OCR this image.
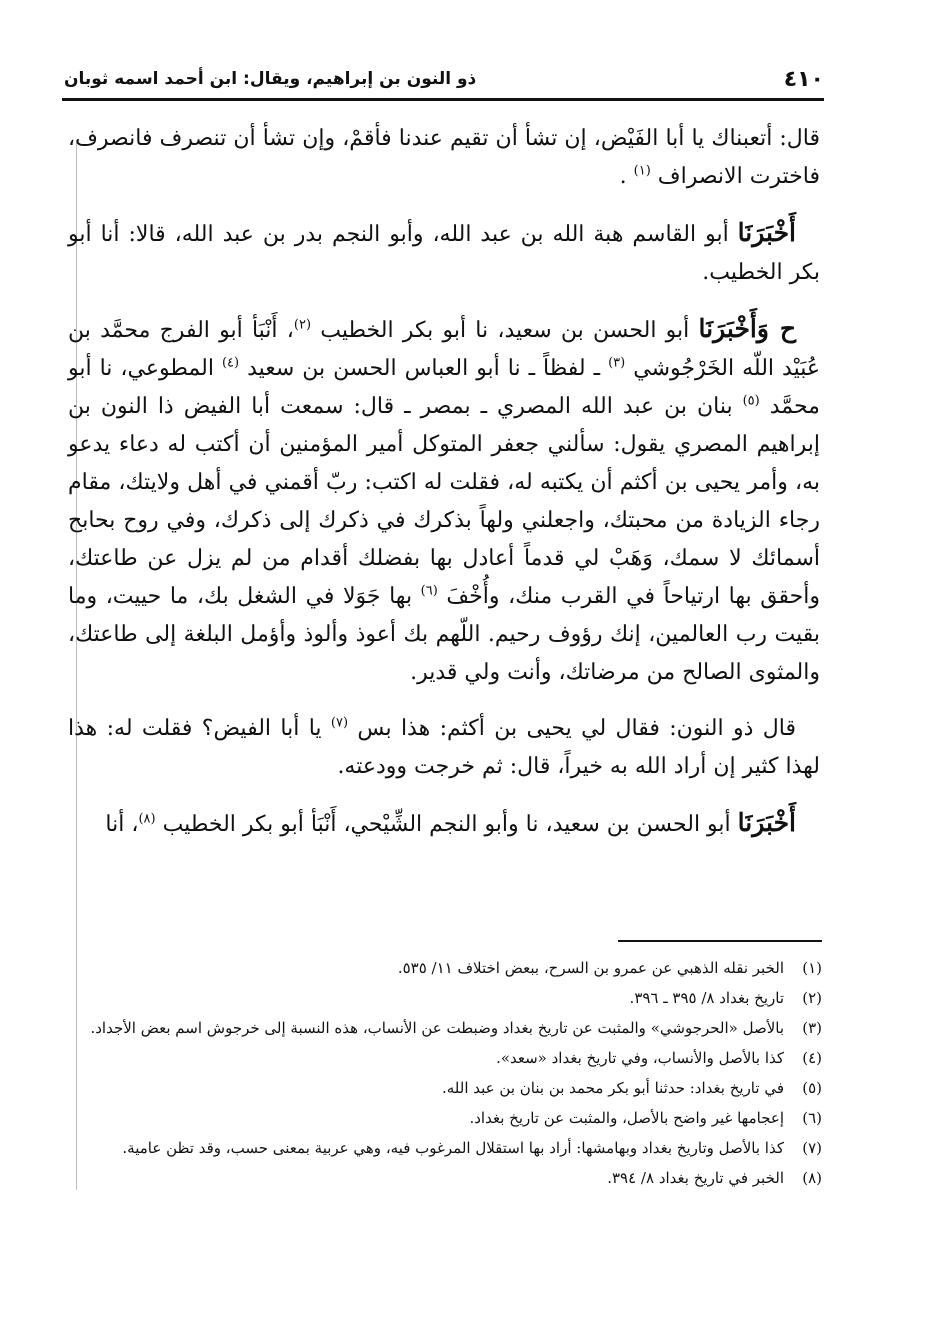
٤١٠
ذو النون بن إبراهيم، ويقال: ابن أحمد اسمه ثوبان

قال: أتعبناك يا أبا الفَيْض، إن تشأ أن تقيم عندنا فأقمْ، وإن تشأ أن تنصرف فانصرف، فاخترت الانصراف $^{(١)}$ .

أَخْبَرَنَا أبو القاسم هبة الله بن عبد الله، وأبو النجم بدر بن عبد الله، قالا: أنا أبو بكر الخطيب.

ح وَأَخْبَرَنَا أبو الحسن بن سعيد، نا أبو بكر الخطيب $^{(٢)}$، أَنْبَأ أبو الفرج محمَّد بن عُبَيْد اللّه الخَرْجُوشي $^{(٣)}$ ـ لفظاً ـ نا أبو العباس الحسن بن سعيد $^{(٤)}$ المطوعي، نا أبو محمَّد $^{(٥)}$ بنان بن عبد الله المصري ـ بمصر ـ قال: سمعت أبا الفيض ذا النون بن إبراهيم المصري يقول: سألني جعفر المتوكل أمير المؤمنين أن أكتب له دعاء يدعو به، وأمر يحيى بن أكثم أن يكتبه له، فقلت له اكتب: ربّ أقمني في أهل ولايتك، مقام رجاء الزيادة من محبتك، واجعلني ولهاً بذكرك في ذكرك إلى ذكرك، وفي روح بحابح أسمائك لا سمك، وَهَبْ لي قدماً أعادل بها بفضلك أقدام من لم يزل عن طاعتك، وأحقق بها ارتياحاً في القرب منك، وأُخْفَ $^{(٦)}$ بها جَوَلا في الشغل بك، ما حييت، وما بقيت رب العالمين، إنك رؤوف رحيم. اللّهم بك أعوذ وألوذ وأؤمل البلغة إلى طاعتك، والمثوى الصالح من مرضاتك، وأنت ولي قدير.

قال ذو النون: فقال لي يحيى بن أكثم: هذا بس $^{(٧)}$ يا أبا الفيض؟ فقلت له: هذا لهذا كثير إن أراد الله به خيراً، قال: ثم خرجت وودعته.

أَخْبَرَنَا أبو الحسن بن سعيد، نا وأبو النجم الشِّيْحي، أَنْبَأ أبو بكر الخطيب $^{(٨)}$، أنا

(١)
الخبر نقله الذهبي عن عمرو بن السرح، ببعض اختلاف ١١/ ٥٣٥.
(٢)
تاريخ بغداد ٨/ ٣٩٥ ـ ٣٩٦.
(٣)
بالأصل «الحرجوشي» والمثبت عن تاريخ بغداد وضبطت عن الأنساب، هذه النسبة إلى خرجوش اسم بعض الأجداد.
(٤)
كذا بالأصل والأنساب، وفي تاريخ بغداد «سعد».
(٥)
في تاريخ بغداد: حدثنا أبو بكر محمد بن بنان بن عبد الله.
(٦)
إعجامها غير واضح بالأصل، والمثبت عن تاريخ بغداد.
(٧)
كذا بالأصل وتاريخ بغداد وبهامشها: أراد بها استقلال المرغوب فيه، وهي عربية بمعنى حسب، وقد تظن عامية.
(٨)
الخبر في تاريخ بغداد ٨/ ٣٩٤.
